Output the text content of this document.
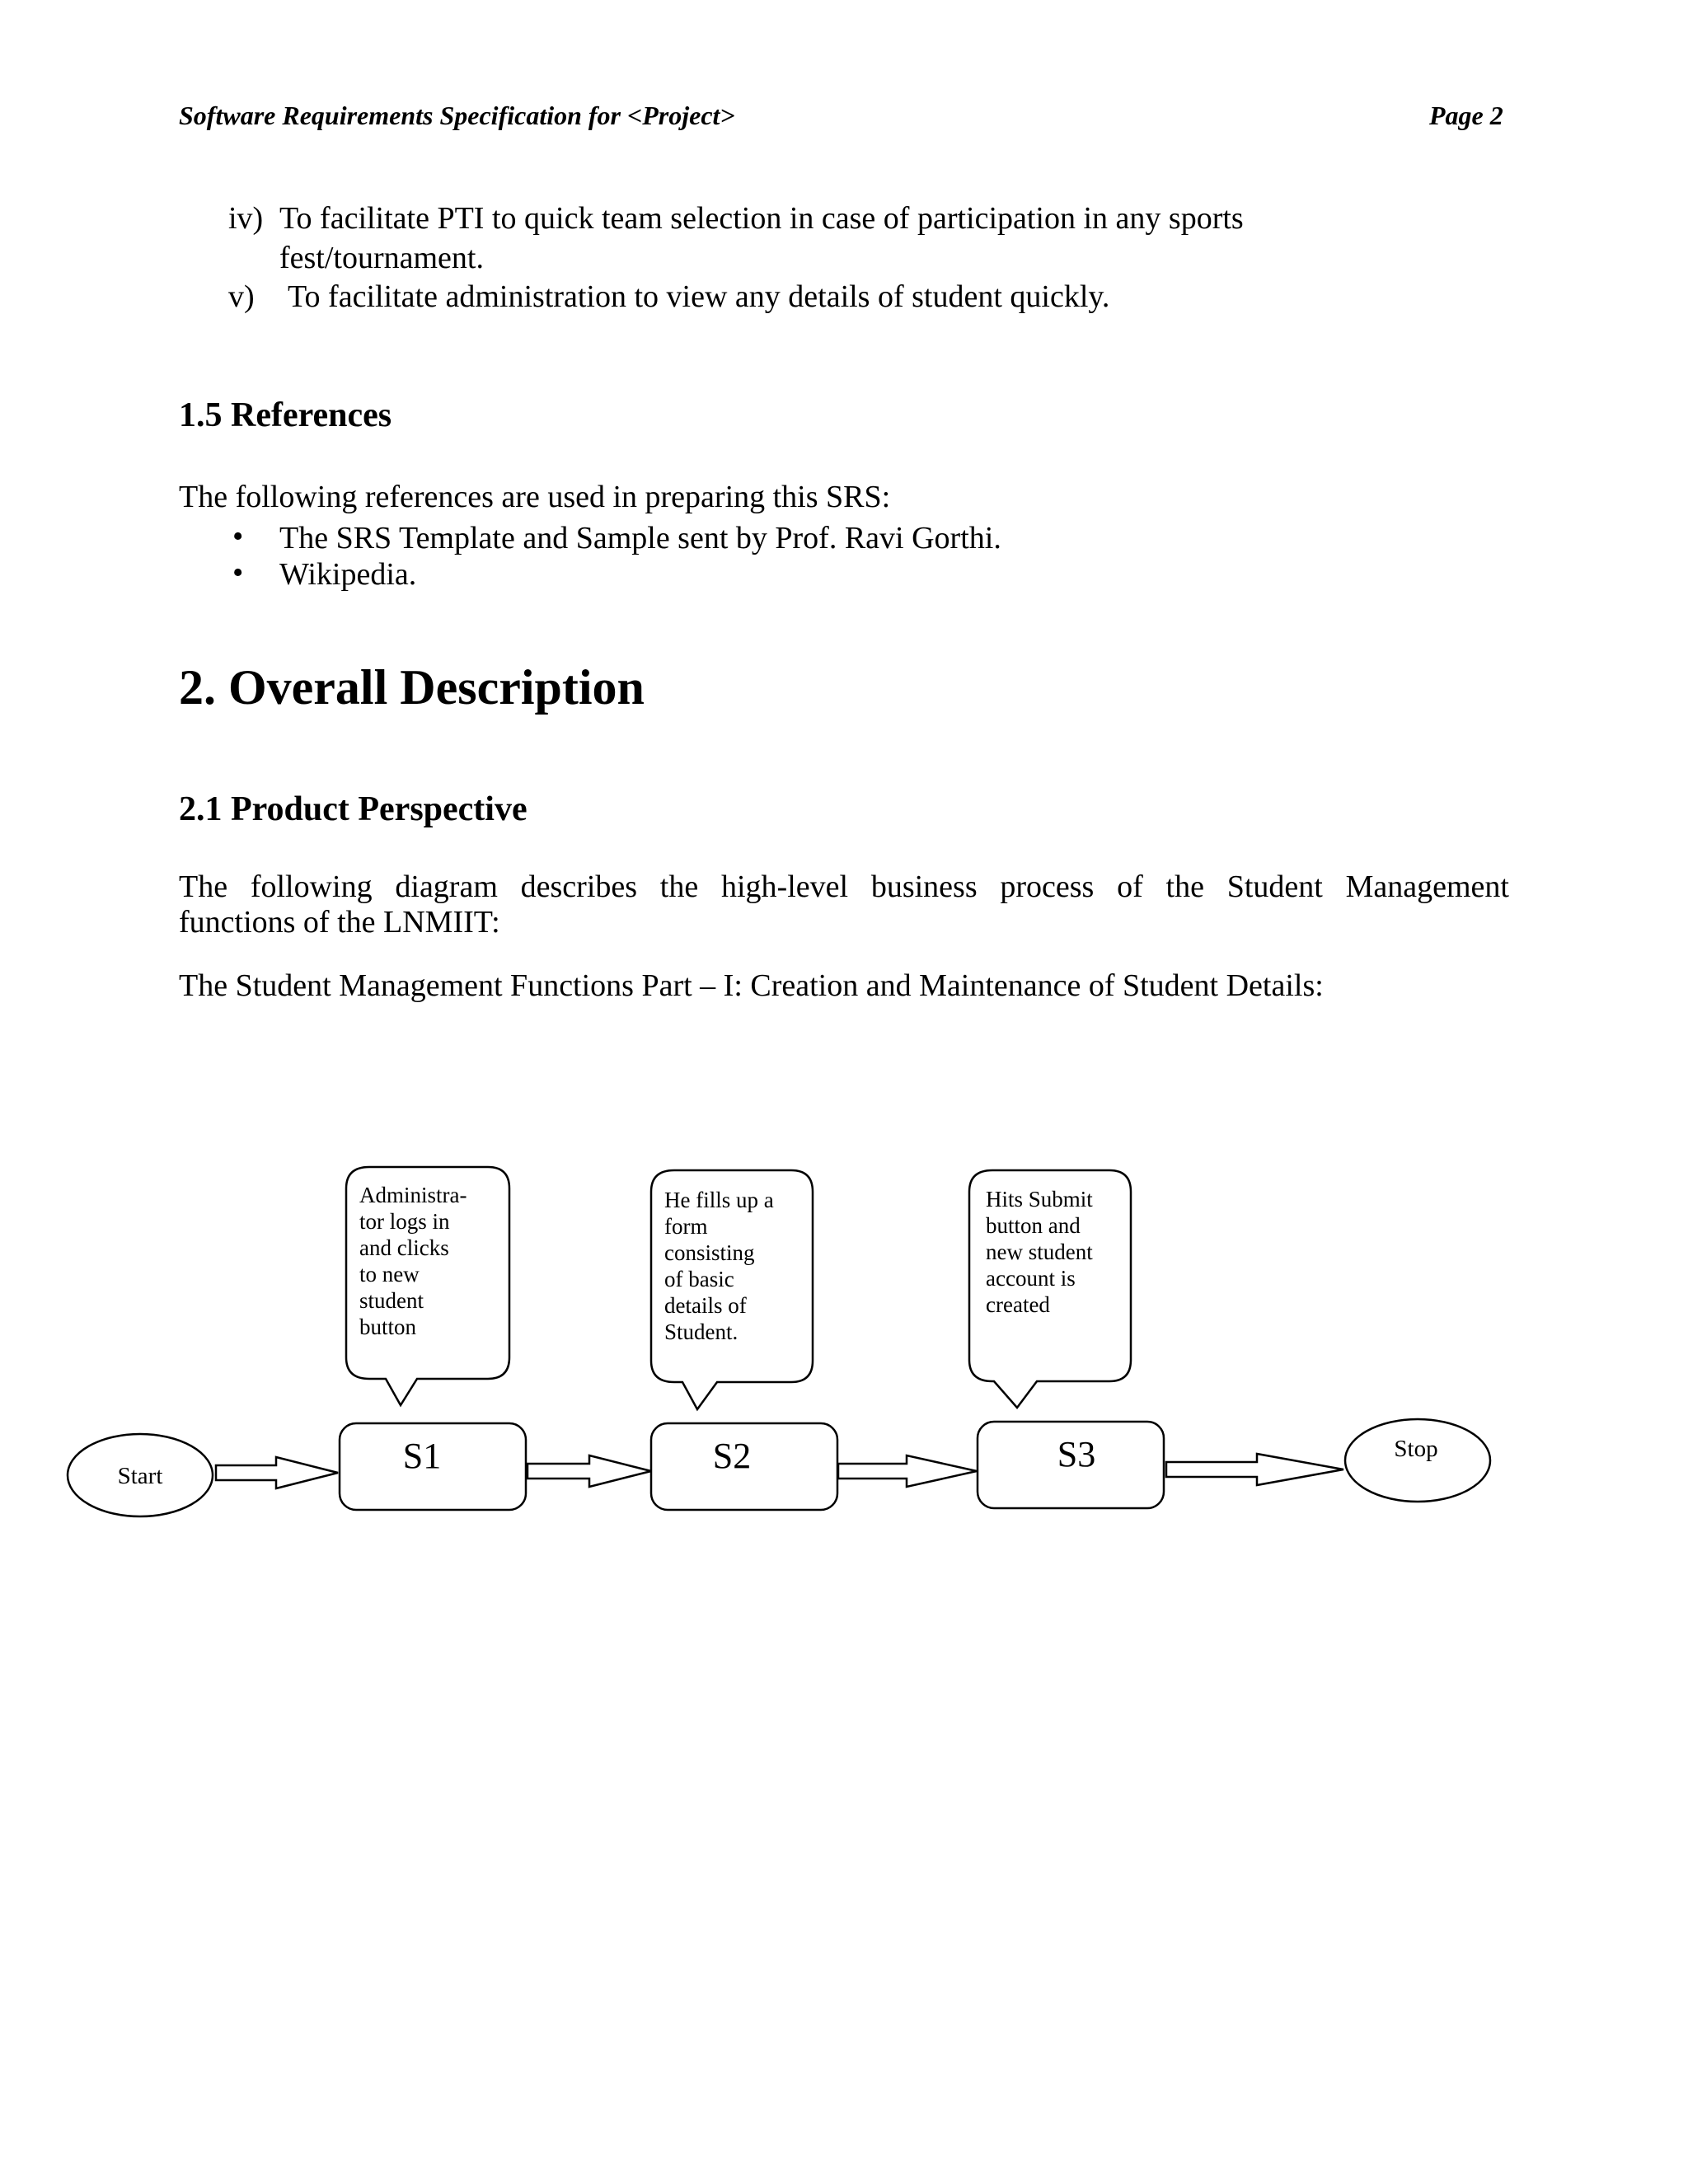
Software Requirements Specification for <Project>	Page 2
iv) To facilitate PTI to quick team selection in case of participation in any sports
fest/tournament.
v) To facilitate administration to view any details of student quickly.
1.5 References
The following references are used in preparing this SRS:
• The SRS Template and Sample sent by Prof. Ravi Gorthi.
• Wikipedia.
2. Overall Description
2.1 Product Perspective
The following diagram describes the high-level business process of the Student Management
functions of the LNMIIT:
The Student Management Functions Part – I: Creation and Maintenance of Student Details:
Start	S1	S2	S3	Stop
Administra-
tor logs in
and clicks
to new
student
button
He fills up a
form
consisting
of basic
details of
Student.
Hits Submit
button and
new student
account is
created
